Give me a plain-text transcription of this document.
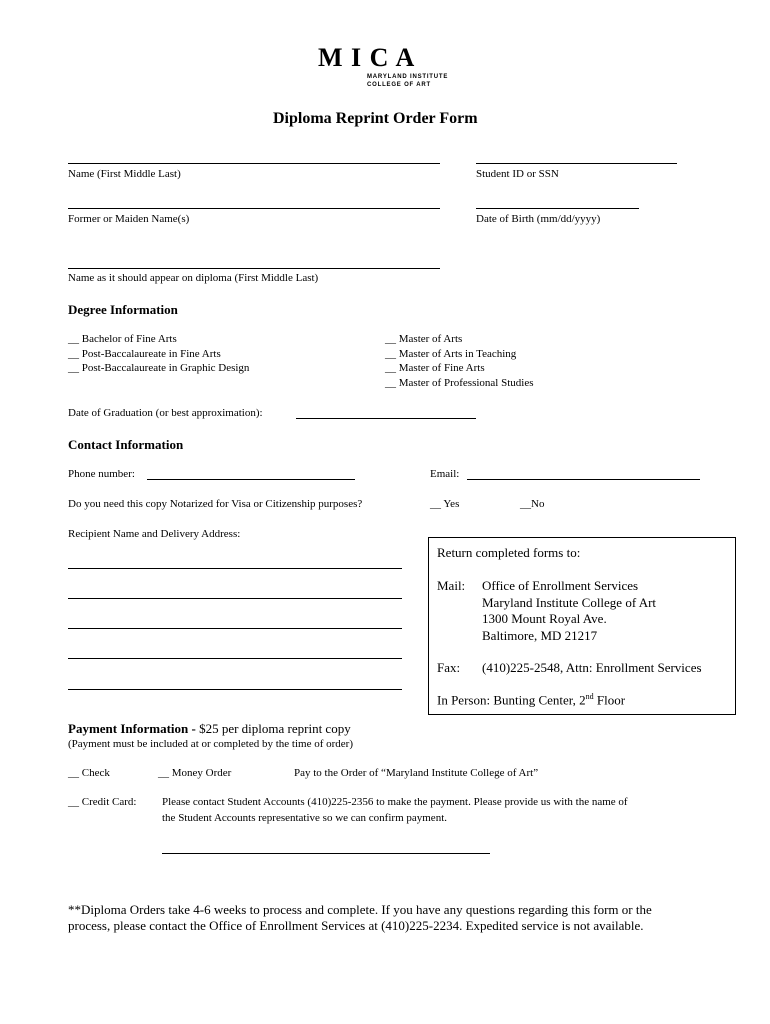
M I C A
MARYLAND INSTITUTE
COLLEGE OF ART
Diploma Reprint Order Form
Name (First Middle Last)	Student ID or SSN
Former or Maiden Name(s)	Date of Birth (mm/dd/yyyy)
Name as it should appear on diploma (First Middle Last)
Degree Information
__ Bachelor of Fine Arts
__ Post-Baccalaureate in Fine Arts
__ Post-Baccalaureate in Graphic Design
__ Master of Arts
__ Master of Arts in Teaching
__ Master of Fine Arts
__ Master of Professional Studies
Date of Graduation (or best approximation):
Contact Information
Phone number:	Email:
Do you need this copy Notarized for Visa or Citizenship purposes?	__ Yes	__No
Recipient Name and Delivery Address:
Return completed forms to:
Mail: Office of Enrollment Services
Maryland Institute College of Art
1300 Mount Royal Ave.
Baltimore, MD 21217
Fax: (410)225-2548, Attn: Enrollment Services
In Person: Bunting Center, 2nd Floor
Payment Information - $25 per diploma reprint copy
(Payment must be included at or completed by the time of order)
__ Check	__ Money Order	Pay to the Order of “Maryland Institute College of Art”
__ Credit Card: Please contact Student Accounts (410)225-2356 to make the payment. Please provide us with the name of
the Student Accounts representative so we can confirm payment.
**Diploma Orders take 4-6 weeks to process and complete. If you have any questions regarding this form or the
process, please contact the Office of Enrollment Services at (410)225-2234. Expedited service is not available.
